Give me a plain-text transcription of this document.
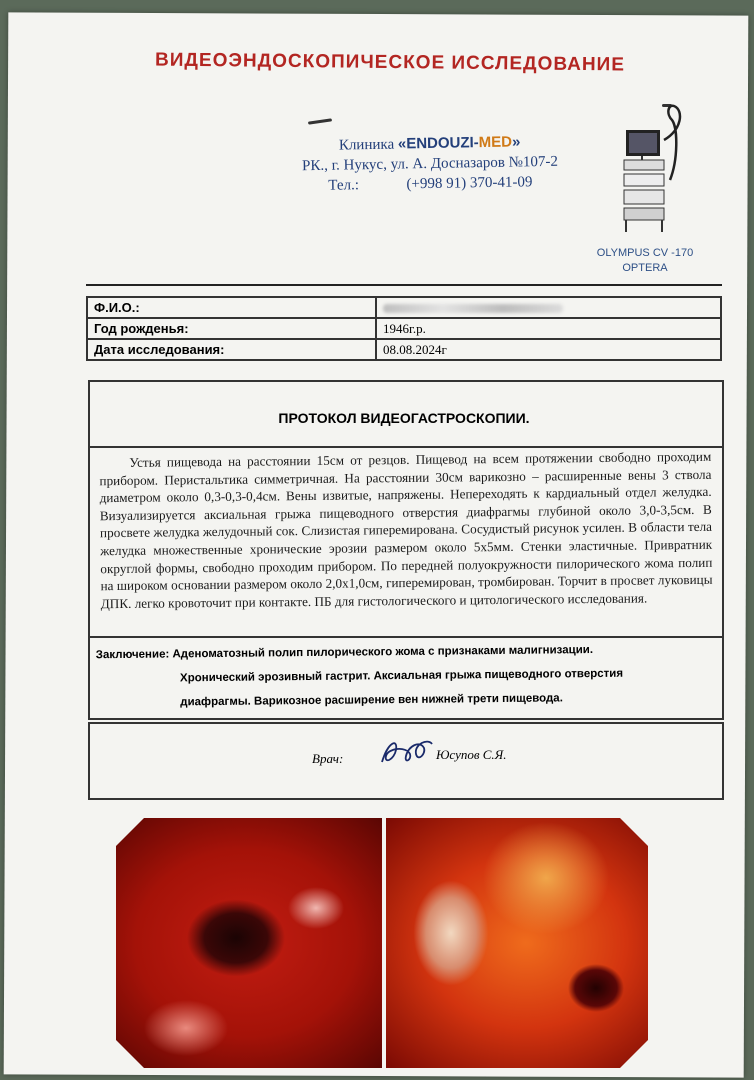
ВИДЕОЭНДОСКОПИЧЕСКОЕ ИССЛЕДОВАНИЕ
Клиника «ENDOUZI-MED»
РК., г. Нукус, ул. А. Досназаров №107-2
Тел.:	(+998 91) 370-41-09
OLYMPUS CV -170
OPTERA
Ф.И.О.:	
Год рожденья:	1946г.р.
Дата исследования:	08.08.2024г
ПРОТОКОЛ ВИДЕОГАСТРОСКОПИИ.

Устья пищевода на расстоянии 15см от резцов. Пищевод на всем протяжении свободно проходим прибором. Перистальтика симметричная. На расстоянии 30см варикозно – расширенные вены 3 ствола диаметром около 0,3-0,3-0,4см. Вены извитые, напряжены. Непереходять к кардиальный отдел желудка. Визуализируется аксиальная грыжа пищеводного отверстия диафрагмы глубиной около 3,0-3,5см. В просвете желудка желудочный сок. Слизистая гиперемирована. Сосудистый рисунок усилен. В области тела желудка множественные хронические эрозии размером около 5х5мм. Стенки эластичные. Привратник округлой формы, свободно проходим прибором. По передней полуокружности пилорического жома полип на широком основании размером около 2,0х1,0см, гиперемирован, тромбирован. Торчит в просвет луковицы ДПК. легко кровоточит при контакте. ПБ для гистологического и цитологического исследования.

Заключение: Аденоматозный полип пилорического жома с признаками малигнизации.
Хронический эрозивный гастрит. Аксиальная грыжа пищеводного отверстия
диафрагмы. Варикозное расширение вен нижней трети пищевода.
Врач:	Юсупов С.Я.
